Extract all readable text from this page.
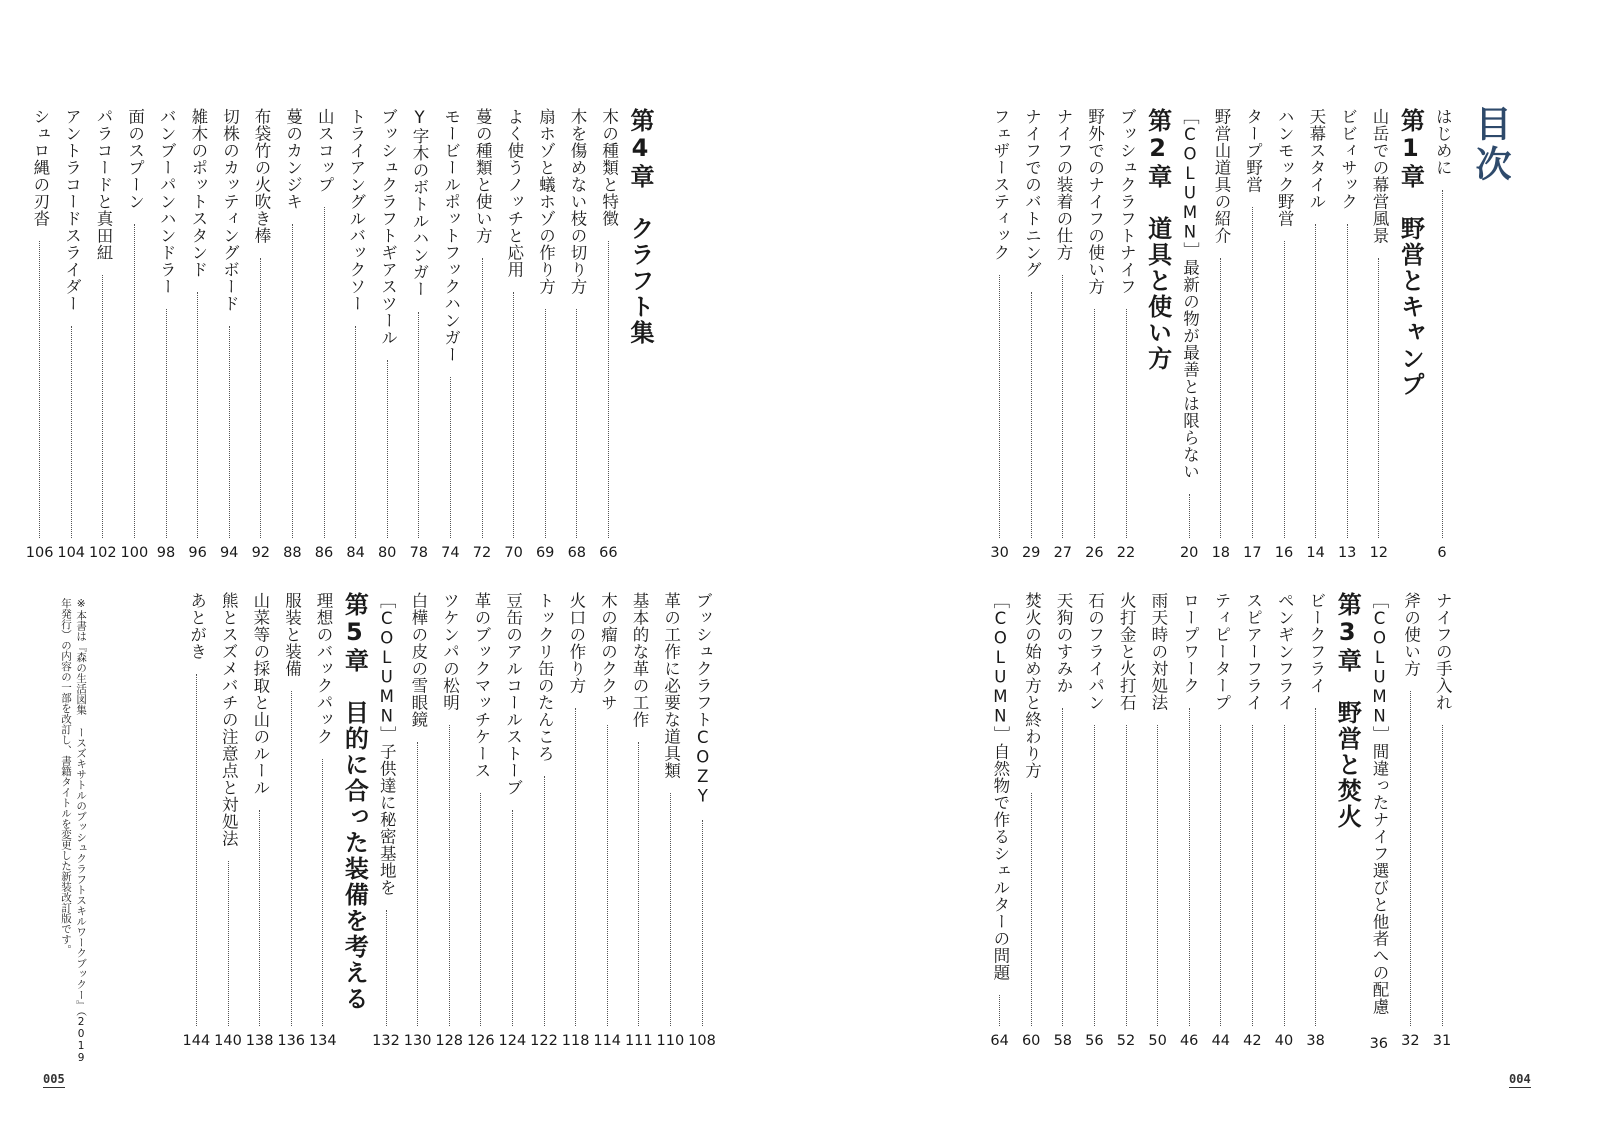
目次
はじめに
6
第1章　野営とキャンプ
山岳での幕営風景
12
ビビィサック
13
天幕スタイル
14
ハンモック野営
16
タープ野営
17
野営山道具の紹介
18
［COLUMN］最新の物が最善とは限らない
20
第2章　道具と使い方
ブッシュクラフトナイフ
22
野外でのナイフの使い方
26
ナイフの装着の仕方
27
ナイフでのバトニング
29
フェザースティック
30
ナイフの手入れ
31
斧の使い方
32
［COLUMN］間違ったナイフ選びと他者への配慮
36
第3章　野営と焚火
ビークフライ
38
ペンギンフライ
40
スピアーフライ
42
ティピータープ
44
ロープワーク
46
雨天時の対処法
50
火打金と火打石
52
石のフライパン
56
天狗のすみか
58
焚火の始め方と終わり方
60
［COLUMN］自然物で作るシェルターの問題
64
第4章　クラフト集
木の種類と特徴
66
木を傷めない枝の切り方
68
扇ホゾと蟻ホゾの作り方
69
よく使うノッチと応用
70
蔓の種類と使い方
72
モービールポットフックハンガー
74
Y字木のボトルハンガー
78
ブッシュクラフトギアスツール
80
トライアングルバックソー
84
山スコップ
86
蔓のカンジキ
88
布袋竹の火吹き棒
92
切株のカッティングボード
94
雑木のポットスタンド
96
バンブーパンハンドラー
98
面のスプーン
100
パラコードと真田紐
102
アントラコードスライダー
104
シュロ縄の刃沓
106
ブッシュクラフトCOZY
108
革の工作に必要な道具類
110
基本的な革の工作
111
木の瘤のククサ
114
火口の作り方
118
トックリ缶のたんころ
122
豆缶のアルコールストーブ
124
革のブックマッチケース
126
ツケンパの松明
128
白樺の皮の雪眼鏡
130
［COLUMN］子供達に秘密基地を
132
第5章　目的に合った装備を考える
理想のバックパック
134
服装と装備
136
山菜等の採取と山のルール
138
熊とスズメバチの注意点と対処法
140
あとがき
144
※本書は『森の生活図集 ースズキサトルのブッシュクラフトスキルワークブックー』（2019
年発行）の内容の一部を改訂し、書籍タイトルを変更した新装改訂版です。
004
005
